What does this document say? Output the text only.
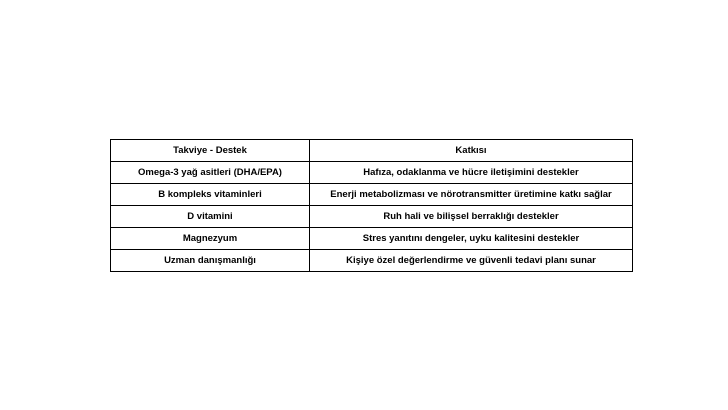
Takviye - Destek	Katkısı
Omega-3 yağ asitleri (DHA/EPA)	Hafıza, odaklanma ve hücre iletişimini destekler
B kompleks vitaminleri	Enerji metabolizması ve nörotransmitter üretimine katkı sağlar
D vitamini	Ruh hali ve bilişsel berraklığı destekler
Magnezyum	Stres yanıtını dengeler, uyku kalitesini destekler
Uzman danışmanlığı	Kişiye özel değerlendirme ve güvenli tedavi planı sunar
